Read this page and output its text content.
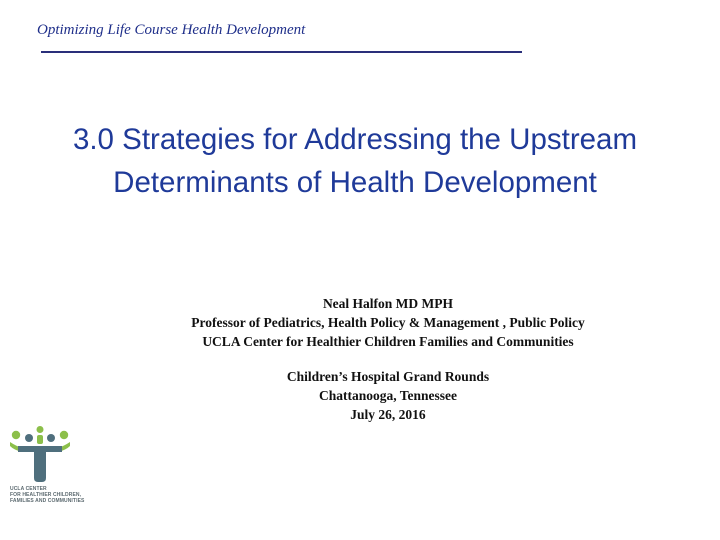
Optimizing Life Course Health Development
3.0 Strategies for Addressing the Upstream
Determinants of Health Development
Neal Halfon MD MPH
Professor of Pediatrics, Health Policy & Management , Public Policy
UCLA Center for Healthier Children Families and Communities
Children’s Hospital Grand Rounds
Chattanooga, Tennessee
July 26, 2016
UCLA CENTER
FOR HEALTHIER CHILDREN,
FAMILIES AND COMMUNITIES
